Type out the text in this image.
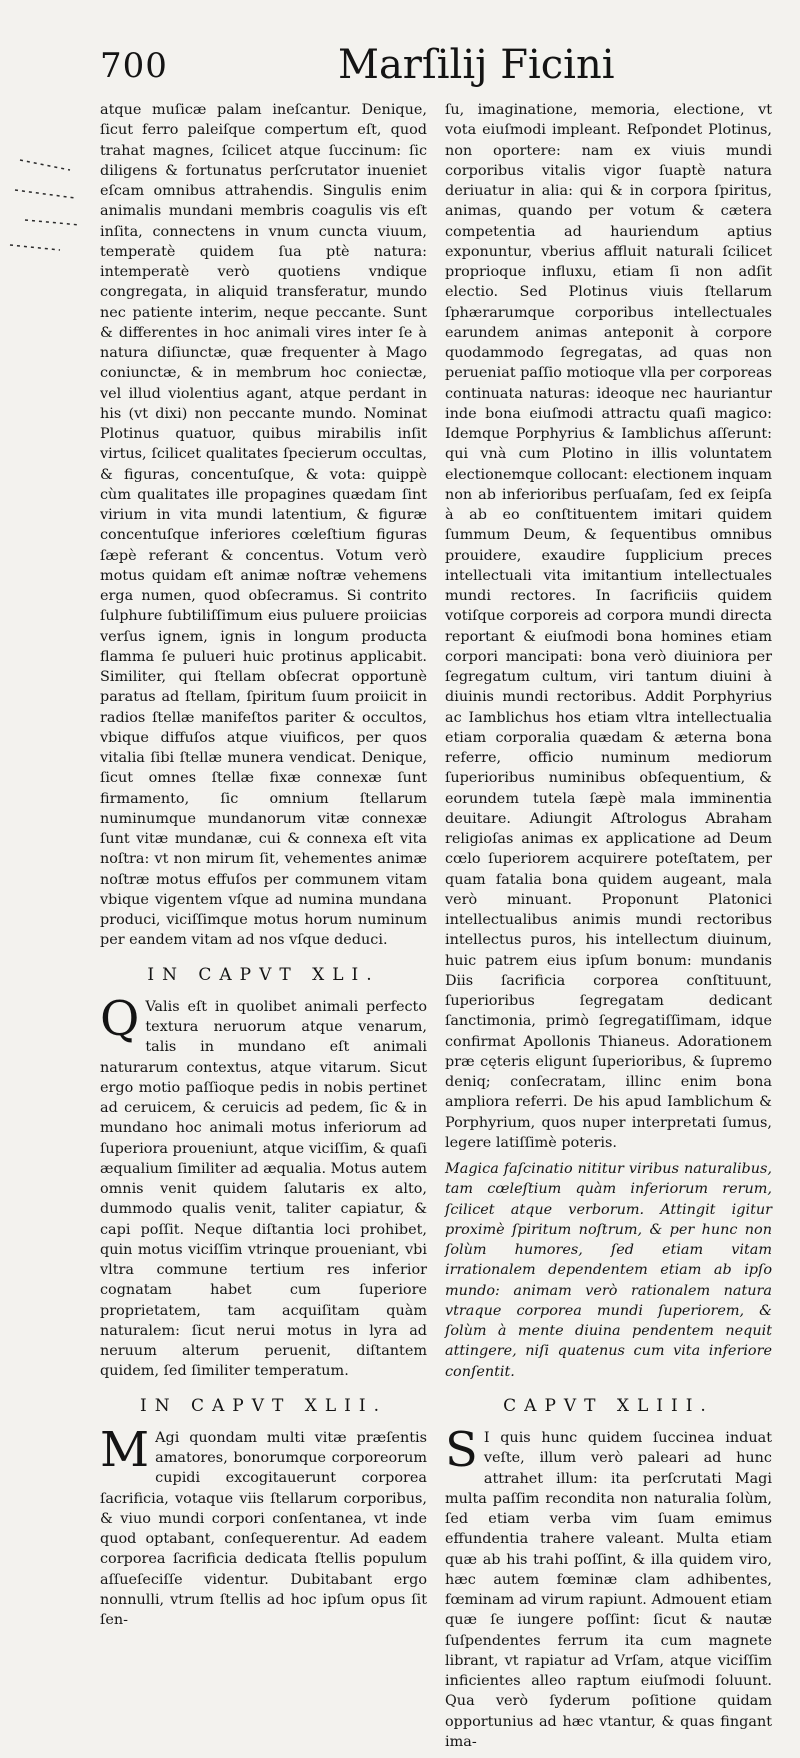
700	Marſilij Ficini

atque muſicæ palam ineſcantur. Denique, ſicut ferro paleiſque compertum eſt, quod trahat magnes, ſcilicet atque ſuccinum: ſic diligens & fortunatus perſcrutator inueniet eſcam omnibus attrahendis. Singulis enim animalis mundani membris coagulis vis eſt inſita, connectens in vnum cuncta viuum, temperatè quidem ſua ptè natura: intemperatè verò quotiens vndique congregata, in aliquid transferatur, mundo nec patiente interim, neque peccante. Sunt & differentes in hoc animali vires inter ſe à natura diſiunctæ, quæ frequenter à Mago coniunctæ, & in membrum hoc coniectæ, vel illud violentius agant, atque perdant in his (vt dixi) non peccante mundo. Nominat Plotinus quatuor, quibus mirabilis inſit virtus, ſcilicet qualitates ſpecierum occultas, & figuras, concentuſque, & vota: quippè cùm qualitates ille propagines quædam ſint virium in vita mundi latentium, & figuræ concentuſque inferiores cœleſtium figuras ſæpè referant & concentus. Votum verò motus quidam eſt animæ noſtræ vehemens erga numen, quod obſecramus. Si contrito ſulphure ſubtiliſſimum eius puluere proiicias verſus ignem, ignis in longum producta flamma ſe pulueri huic protinus applicabit. Similiter, qui ſtellam obſecrat opportunè paratus ad ſtellam, ſpiritum ſuum proiicit in radios ſtellæ manifeſtos pariter & occultos, vbique diffuſos atque viuificos, per quos vitalia ſibi ſtellæ munera vendicat. Denique, ſicut omnes ſtellæ fixæ connexæ ſunt firmamento, ſic omnium ſtellarum numinumque mundanorum vitæ connexæ ſunt vitæ mundanæ, cui & connexa eſt vita noſtra: vt non mirum ſit, vehementes animæ noſtræ motus effuſos per communem vitam vbique vigentem vſque ad numina mundana produci, viciſſimque motus horum numinum per eandem vitam ad nos vſque deduci.

IN CAPVT XLI.

Q Valis eſt in quolibet animali perfecto textura neruorum atque venarum, talis in mundano eſt animali naturarum contextus, atque vitarum. Sicut ergo motio paſſioque pedis in nobis pertinet ad ceruicem, & ceruicis ad pedem, ſic & in mundano hoc animali motus inferiorum ad ſuperiora proueniunt, atque viciſſim, & quaſi æqualium ſimiliter ad æqualia. Motus autem omnis venit quidem ſalutaris ex alto, dummodo qualis venit, taliter capiatur, & capi poſſit. Neque diſtantia loci prohibet, quin motus viciſſim vtrinque proueniant, vbi vltra commune tertium res inferior cognatam habet cum ſuperiore proprietatem, tam acquiſitam quàm naturalem: ſicut nerui motus in lyra ad neruum alterum peruenit, diſtantem quidem, ſed ſimiliter temperatum.

IN CAPVT XLII.

M Agi quondam multi vitæ præſentis amatores, bonorumque corporeorum cupidi excogitauerunt corporea ſacrificia, votaque viis ſtellarum corporibus, & viuo mundi corpori conſentanea, vt inde quod optabant, conſequerentur. Ad eadem corporea ſacrificia dedicata ſtellis populum aſſueſeciſſe videntur. Dubitabant ergo nonnulli, vtrum ſtellis ad hoc ipſum opus ſit ſen-

ſu, imaginatione, memoria, electione, vt vota eiuſmodi impleant. Reſpondet Plotinus, non oportere: nam ex viuis mundi corporibus vitalis vigor ſuaptè natura deriuatur in alia: qui & in corpora ſpiritus, animas, quando per votum & cætera competentia ad hauriendum aptius exponuntur, vberius affluit naturali ſcilicet proprioque influxu, etiam ſi non adſit electio. Sed Plotinus viuis ſtellarum ſphærarumque corporibus intellectuales earundem animas anteponit à corpore quodammodo ſegregatas, ad quas non perueniat paſſio motioque vlla per corporeas continuata naturas: ideoque nec hauriantur inde bona eiuſmodi attractu quaſi magico: Idemque Porphyrius & Iamblichus aſſerunt: qui vnà cum Plotino in illis voluntatem electionemque collocant: electionem inquam non ab inferioribus perſuaſam, ſed ex ſeipſa à ab eo conſtituentem imitari quidem ſummum Deum, & ſequentibus omnibus prouidere, exaudire ſupplicium preces intellectuali vita imitantium intellectuales mundi rectores. In ſacrificiis quidem votiſque corporeis ad corpora mundi directa reportant & eiuſmodi bona homines etiam corpori mancipati: bona verò diuiniora per ſegregatum cultum, viri tantum diuini à diuinis mundi rectoribus. Addit Porphyrius ac Iamblichus hos etiam vltra intellectualia etiam corporalia quædam & æterna bona referre, officio numinum mediorum ſuperioribus numinibus obſequentium, & eorundem tutela ſæpè mala imminentia deuitare. Adiungit Aſtrologus Abraham religioſas animas ex applicatione ad Deum cœlo ſuperiorem acquirere poteſtatem, per quam fatalia bona quidem augeant, mala verò minuant. Proponunt Platonici intellectualibus animis mundi rectoribus intellectus puros, his intellectum diuinum, huic patrem eius ipſum bonum: mundanis Diis ſacrificia corporea conſtituunt, ſuperioribus ſegregatam dedicant ſanctimonia, primò ſegregatiſſimam, idque confirmat Apollonis Thianeus. Adorationem præ cęteris eligunt ſuperioribus, & ſupremo deniq; conſecratam, illinc enim bona ampliora referri. De his apud Iamblichum & Porphyrium, quos nuper interpretati ſumus, legere latiſſimè poteris.

Magica faſcinatio nititur viribus naturalibus, tam cœleſtium quàm inferiorum rerum, ſcilicet atque verborum. Attingit igitur proximè ſpiritum noſtrum, & per hunc non ſolùm humores, ſed etiam vitam irrationalem dependentem etiam ab ipſo mundo: animam verò rationalem natura vtraque corporea mundi ſuperiorem, & ſolùm à mente diuina pendentem nequit attingere, niſi quatenus cum vita inferiore conſentit.

CAPVT XLIII.

S I quis hunc quidem ſuccinea induat veſte, illum verò paleari ad hunc attrahet illum: ita perſcrutati Magi multa paſſim recondita non naturalia ſolùm, ſed etiam verba vim ſuam emimus effundentia trahere valeant. Multa etiam quæ ab his trahi poſſint, & illa quidem viro, hæc autem fœminæ clam adhibentes, fœminam ad virum rapiunt. Admouent etiam quæ ſe iungere poſſint: ſicut & nautæ ſuſpendentes ferrum ita cum magnete librant, vt rapiatur ad Vrſam, atque viciſſim inficientes alleo raptum eiuſmodi ſoluunt. Qua verò ſyderum poſitione quidam opportunius ad hæc vtantur, & quas fingant ima-
